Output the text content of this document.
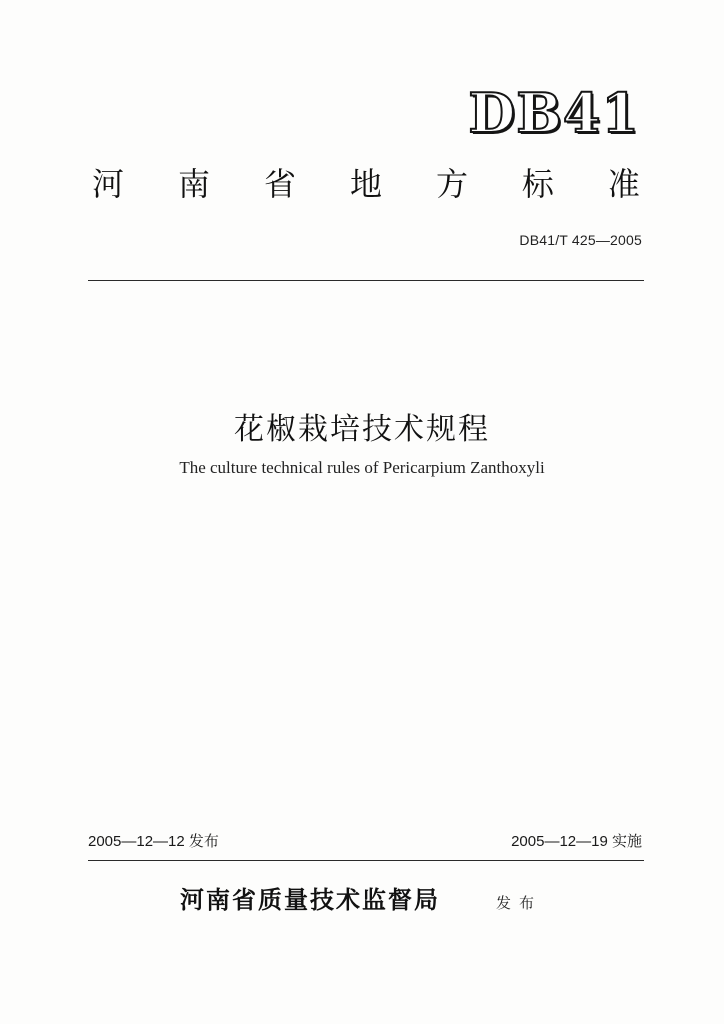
DB41
河 南 省 地 方 标 准
DB41/T 425—2005
花椒栽培技术规程
The culture technical rules of Pericarpium Zanthoxyli
2005—12—12 发布	2005—12—19 实施
河南省质量技术监督局	发布
